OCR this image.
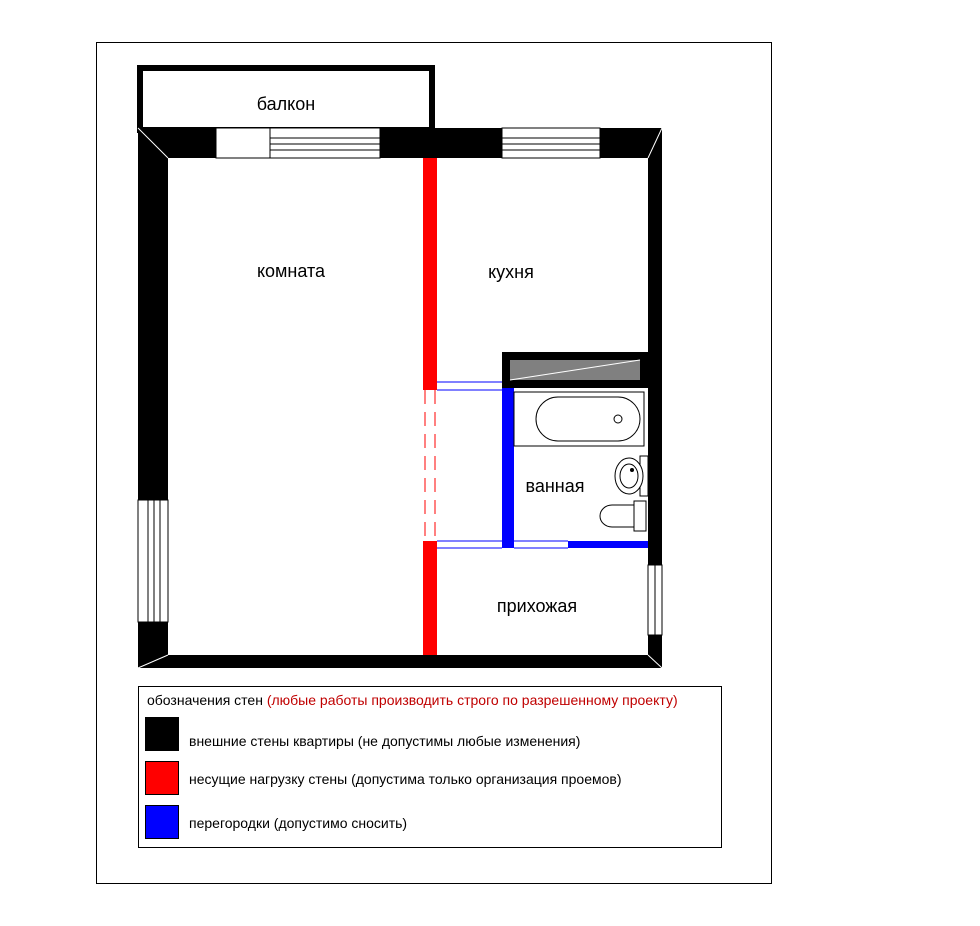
балкон
комната	кухня
ванная
прихожая
обозначения стен (любые работы производить строго по разрешенному проекту)
внешние стены квартиры (не допустимы любые изменения)
несущие нагрузку стены (допустима только организация проемов)
перегородки (допустимо сносить)
